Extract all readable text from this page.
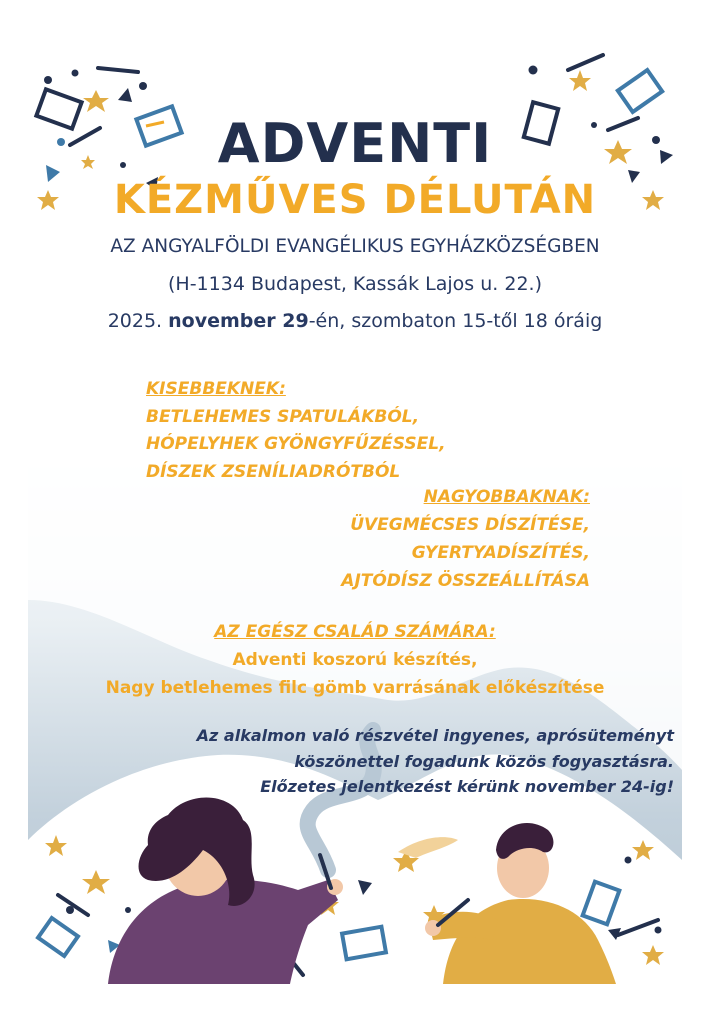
ADVENTI
KÉZMŰVES DÉLUTÁN
AZ ANGYALFÖLDI EVANGÉLIKUS EGYHÁZKÖZSÉGBEN
(H-1134 Budapest, Kassák Lajos u. 22.)
2025. november 29-én, szombaton 15-től 18 óráig
KISEBBEKNEK:
BETLEHEMES SPATULÁKBÓL,
HÓPELYHEK GYÖNGYFŰZÉSSEL,
DÍSZEK ZSENÍLIADRÓTBÓL
NAGYOBBAKNAK:
ÜVEGMÉCSES DÍSZÍTÉSE,
GYERTYADÍSZÍTÉS,
AJTÓDÍSZ ÖSSZEÁLLÍTÁSA
AZ EGÉSZ CSALÁD SZÁMÁRA:
Adventi koszorú készítés,
Nagy betlehemes filc gömb varrásának előkészítése
Az alkalmon való részvétel ingyenes, aprósüteményt
köszönettel fogadunk közös fogyasztásra.
Előzetes jelentkezést kérünk november 24-ig!
